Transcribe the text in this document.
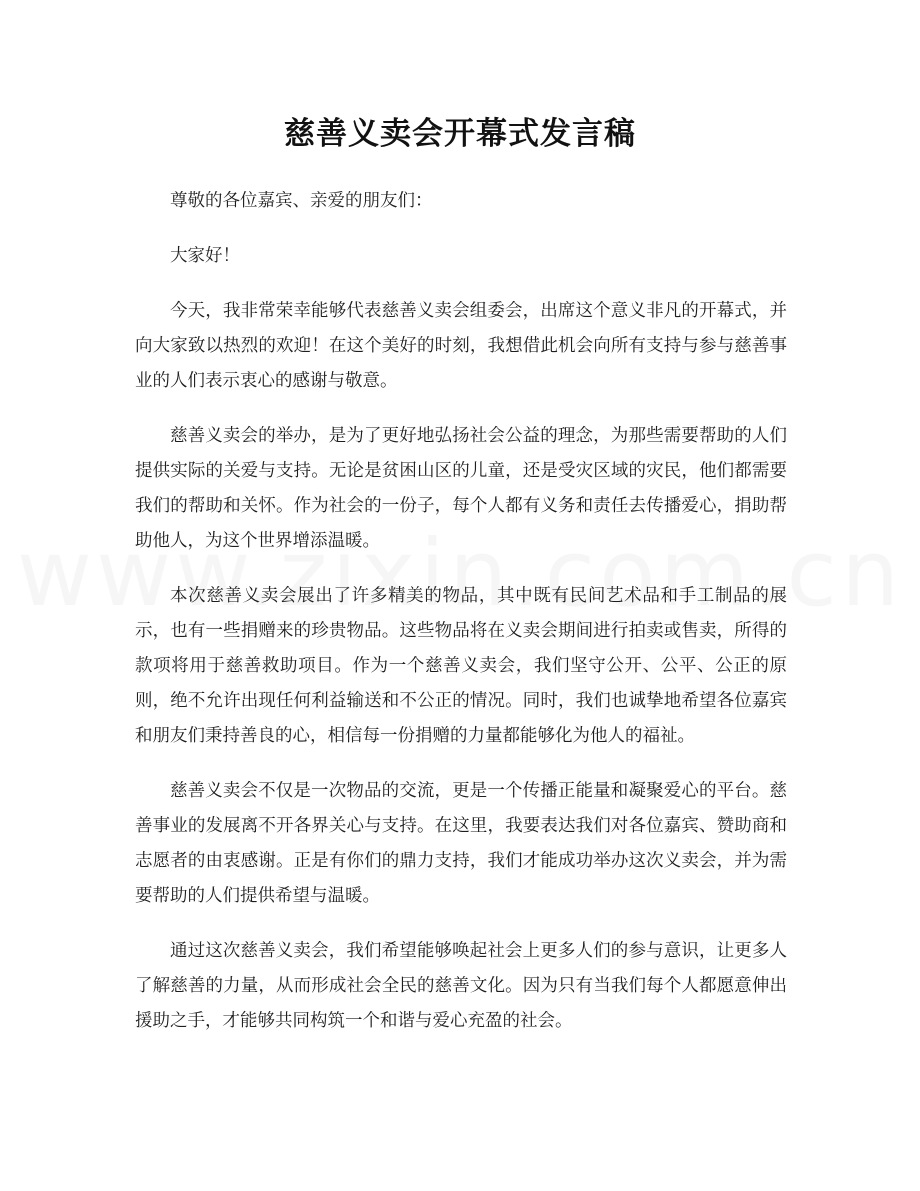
慈善义卖会开幕式发言稿

尊敬的各位嘉宾、亲爱的朋友们：

大家好！

今天，我非常荣幸能够代表慈善义卖会组委会，出席这个意义非凡的开幕式，并向大家致以热烈的欢迎！在这个美好的时刻，我想借此机会向所有支持与参与慈善事业的人们表示衷心的感谢与敬意。

慈善义卖会的举办，是为了更好地弘扬社会公益的理念，为那些需要帮助的人们提供实际的关爱与支持。无论是贫困山区的儿童，还是受灾区域的灾民，他们都需要我们的帮助和关怀。作为社会的一份子，每个人都有义务和责任去传播爱心，捐助帮助他人，为这个世界增添温暖。

本次慈善义卖会展出了许多精美的物品，其中既有民间艺术品和手工制品的展示，也有一些捐赠来的珍贵物品。这些物品将在义卖会期间进行拍卖或售卖，所得的款项将用于慈善救助项目。作为一个慈善义卖会，我们坚守公开、公平、公正的原则，绝不允许出现任何利益输送和不公正的情况。同时，我们也诚挚地希望各位嘉宾和朋友们秉持善良的心，相信每一份捐赠的力量都能够化为他人的福祉。

慈善义卖会不仅是一次物品的交流，更是一个传播正能量和凝聚爱心的平台。慈善事业的发展离不开各界关心与支持。在这里，我要表达我们对各位嘉宾、赞助商和志愿者的由衷感谢。正是有你们的鼎力支持，我们才能成功举办这次义卖会，并为需要帮助的人们提供希望与温暖。

通过这次慈善义卖会，我们希望能够唤起社会上更多人们的参与意识，让更多人了解慈善的力量，从而形成社会全民的慈善文化。因为只有当我们每个人都愿意伸出援助之手，才能够共同构筑一个和谐与爱心充盈的社会。
